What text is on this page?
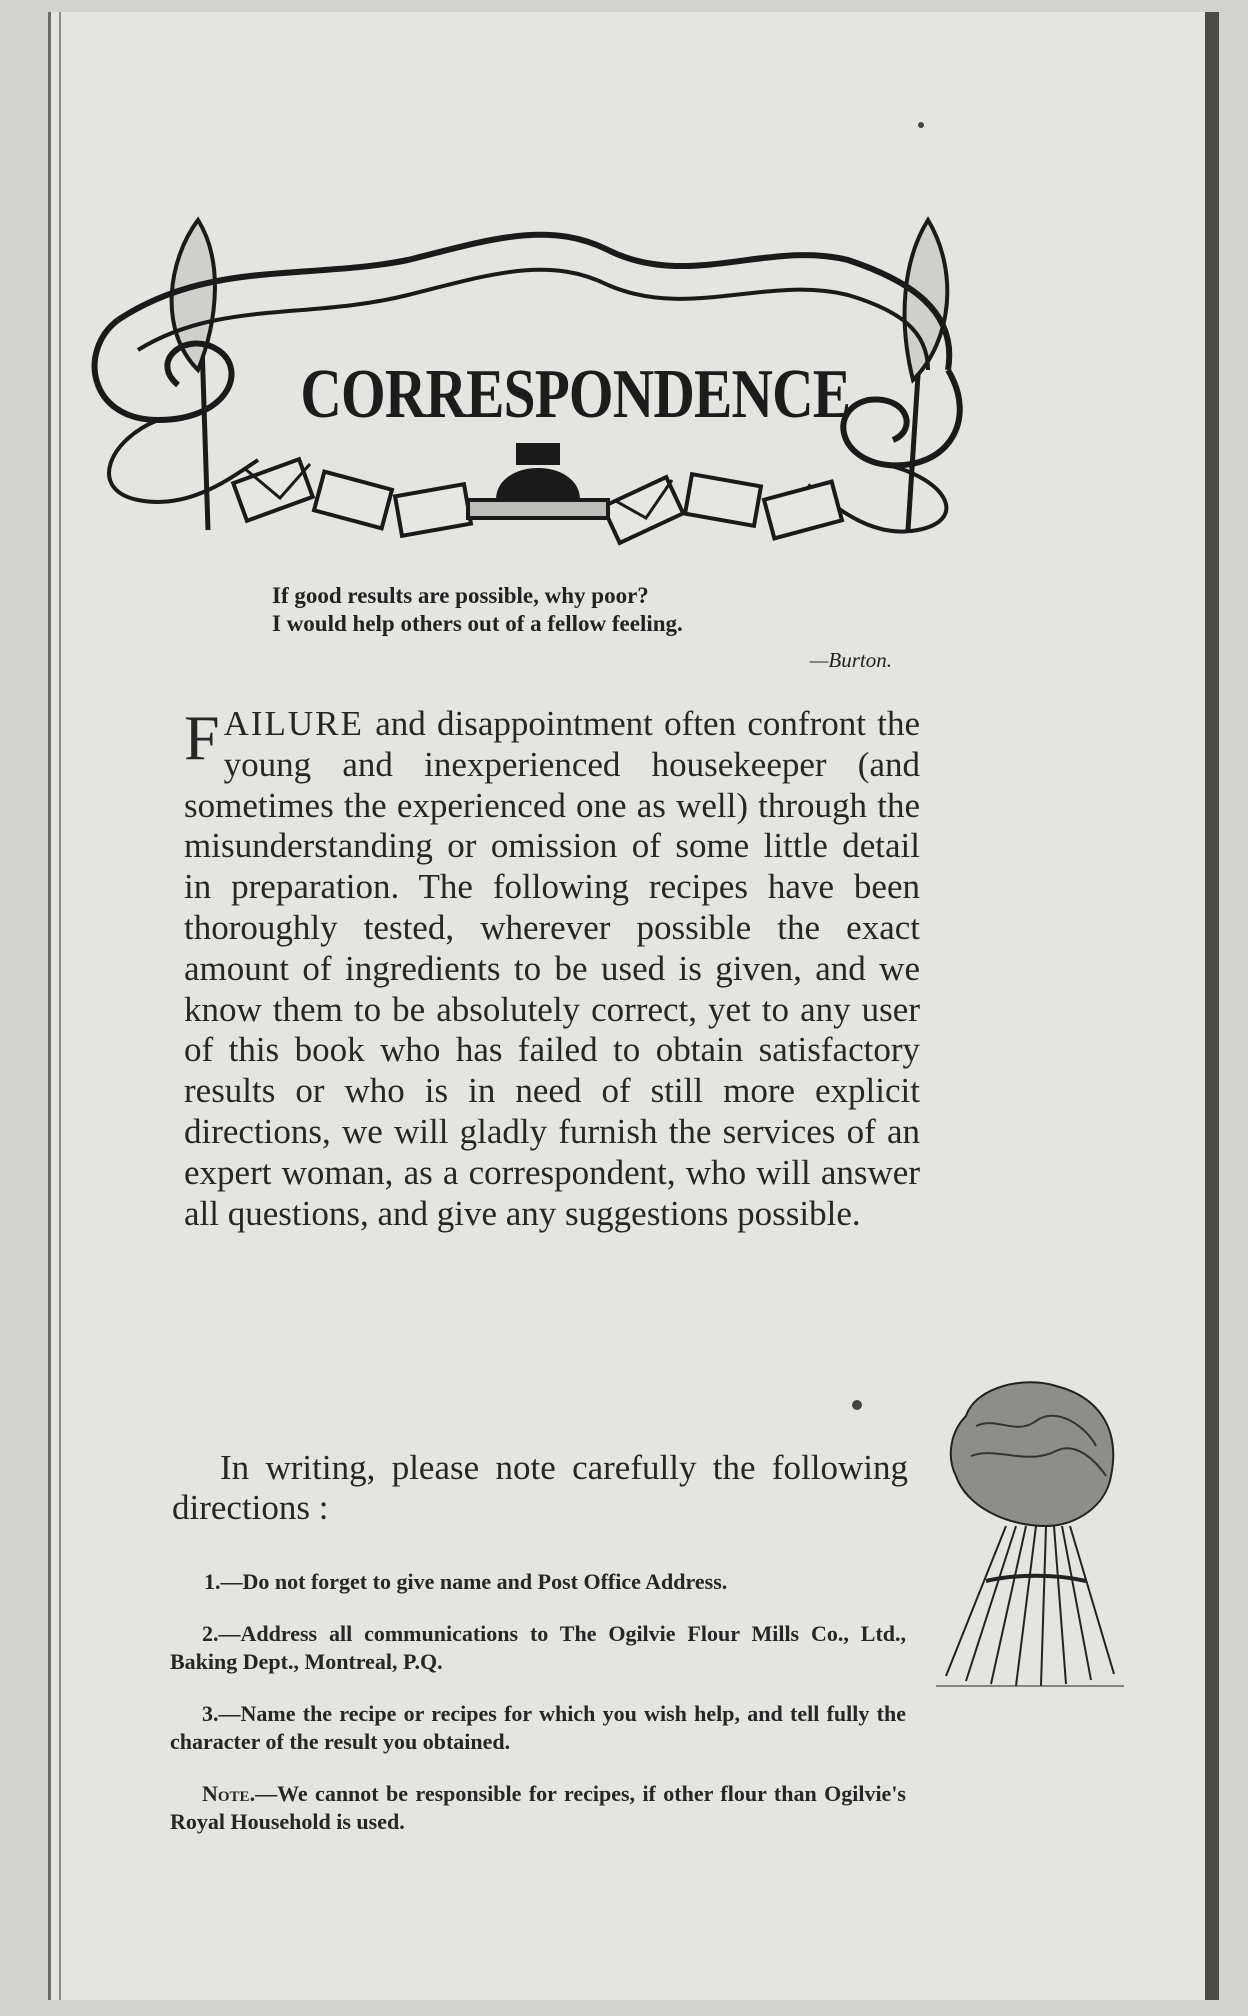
CORRESPONDENCE
If good results are possible, why poor?
I would help others out of a fellow feeling.
—Burton.
FAILURE and disappointment often confront the young and inexperienced housekeeper (and sometimes the experienced one as well) through the misunderstanding or omission of some little detail in preparation. The following recipes have been thoroughly tested, wherever possible the exact amount of ingredients to be used is given, and we know them to be absolutely correct, yet to any user of this book who has failed to obtain satisfactory results or who is in need of still more explicit directions, we will gladly furnish the services of an expert woman, as a correspondent, who will answer all questions, and give any suggestions possible.
In writing, please note carefully the following directions :
1.—Do not forget to give name and Post Office Address.
2.—Address all communications to The Ogilvie Flour Mills Co., Ltd., Baking Dept., Montreal, P.Q.
3.—Name the recipe or recipes for which you wish help, and tell fully the character of the result you obtained.
Note.—We cannot be responsible for recipes, if other flour than Ogilvie's Royal Household is used.
